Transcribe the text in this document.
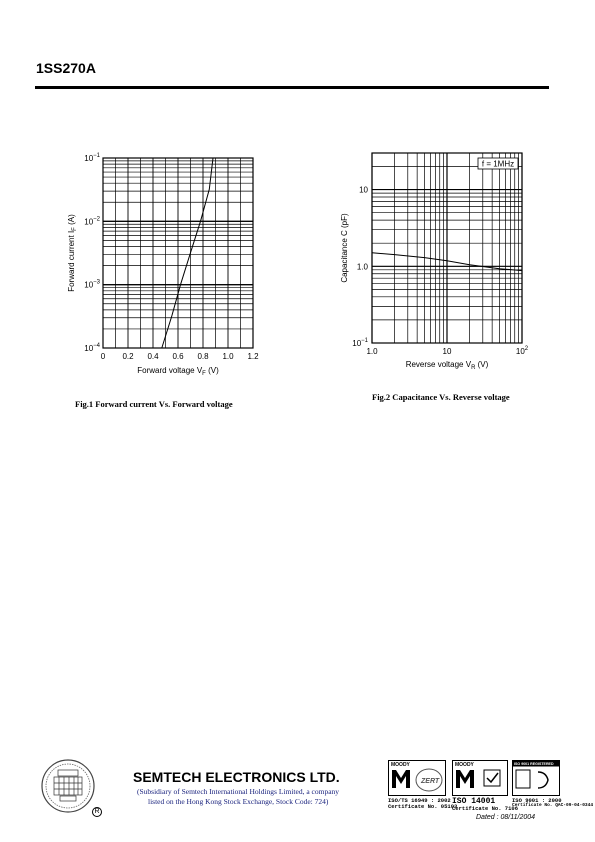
1SS270A
0 0.2 0.4 0.6 0.8 1.0 1.2
$10^{-4}$
$10^{-3}$
$10^{-2}$
$10^{-1}$
Forward voltage $V_F$ (V)
Forward current $I_F$ (A)
Fig.1 Forward current Vs. Forward voltage
1.0	10	$10^2$
$10^{-1}$
1.0
10
f = 1MHz
Reverse voltage $V_R$ (V)
Capacitance C (pF)
Fig.2 Capacitance Vs. Reverse voltage
R
SEMTECH ELECTRONICS LTD.
(Subsidiary of Semtech International Holdings Limited, a company
listed on the Hong Kong Stock Exchange, Stock Code: 724)
MOODY
ZERT
ISO/TS 16949 : 2002
Certificate No. 05103
MOODY
ISO 14001
Certificate No. 7106
ISO 9001 REGISTERED
ISO 9001 : 2000
Certificate No. QAC-09-04-0344
Dated : 08/11/2004
